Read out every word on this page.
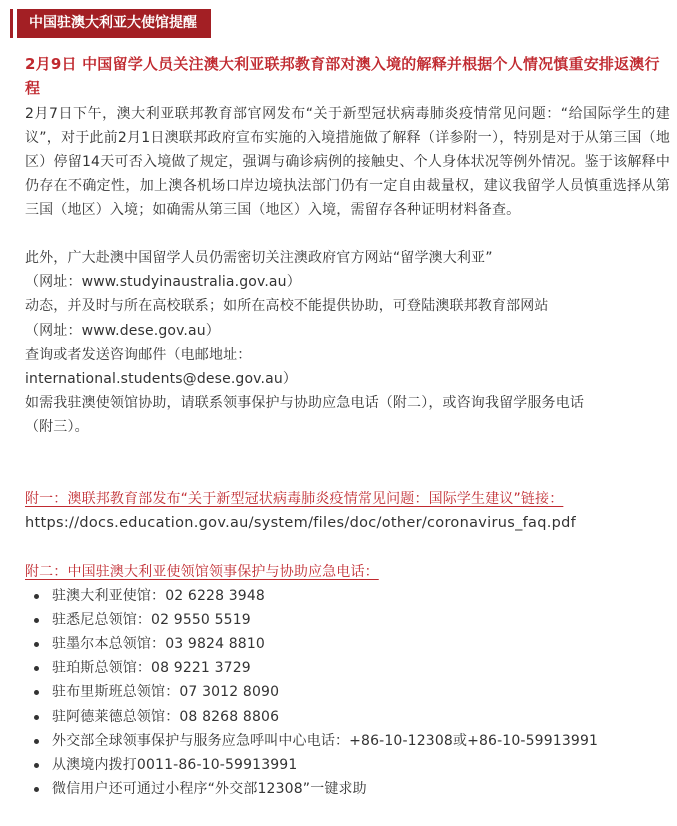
中国驻澳大利亚大使馆提醒

2月9日 中国留学人员关注澳大利亚联邦教育部对澳入境的解释并根据个人情况慎重安排返澳行程

2月7日下午，澳大利亚联邦教育部官网发布“关于新型冠状病毒肺炎疫情常见问题：“给国际学生的建议”，对于此前2月1日澳联邦政府宣布实施的入境措施做了解释（详参附一），特别是对于从第三国（地区）停留14天可否入境做了规定，强调与确诊病例的接触史、个人身体状况等例外情况。鉴于该解释中仍存在不确定性，加上澳各机场口岸边境执法部门仍有一定自由裁量权，建议我留学人员慎重选择从第三国（地区）入境；如确需从第三国（地区）入境，需留存各种证明材料备查。

此外，广大赴澳中国留学人员仍需密切关注澳政府官方网站“留学澳大利亚”

（网址：www.studyinaustralia.gov.au）

动态，并及时与所在高校联系；如所在高校不能提供协助，可登陆澳联邦教育部网站

（网址：www.dese.gov.au）

查询或者发送咨询邮件（电邮地址：

international.students@dese.gov.au）

如需我驻澳使领馆协助，请联系领事保护与协助应急电话（附二），或咨询我留学服务电话

（附三）。

附一：澳联邦教育部发布“关于新型冠状病毒肺炎疫情常见问题：国际学生建议”链接：

https://docs.education.gov.au/system/files/doc/other/coronavirus_faq.pdf

附二：中国驻澳大利亚使领馆领事保护与协助应急电话：

驻澳大利亚使馆：02 6228 3948
驻悉尼总领馆：02 9550 5519
驻墨尔本总领馆：03 9824 8810
驻珀斯总领馆：08 9221 3729
驻布里斯班总领馆：07 3012 8090
驻阿德莱德总领馆：08 8268 8806
外交部全球领事保护与服务应急呼叫中心电话：+86-10-12308或+86-10-59913991
从澳境内拨打0011-86-10-59913991
微信用户还可通过小程序“外交部12308”一键求助
